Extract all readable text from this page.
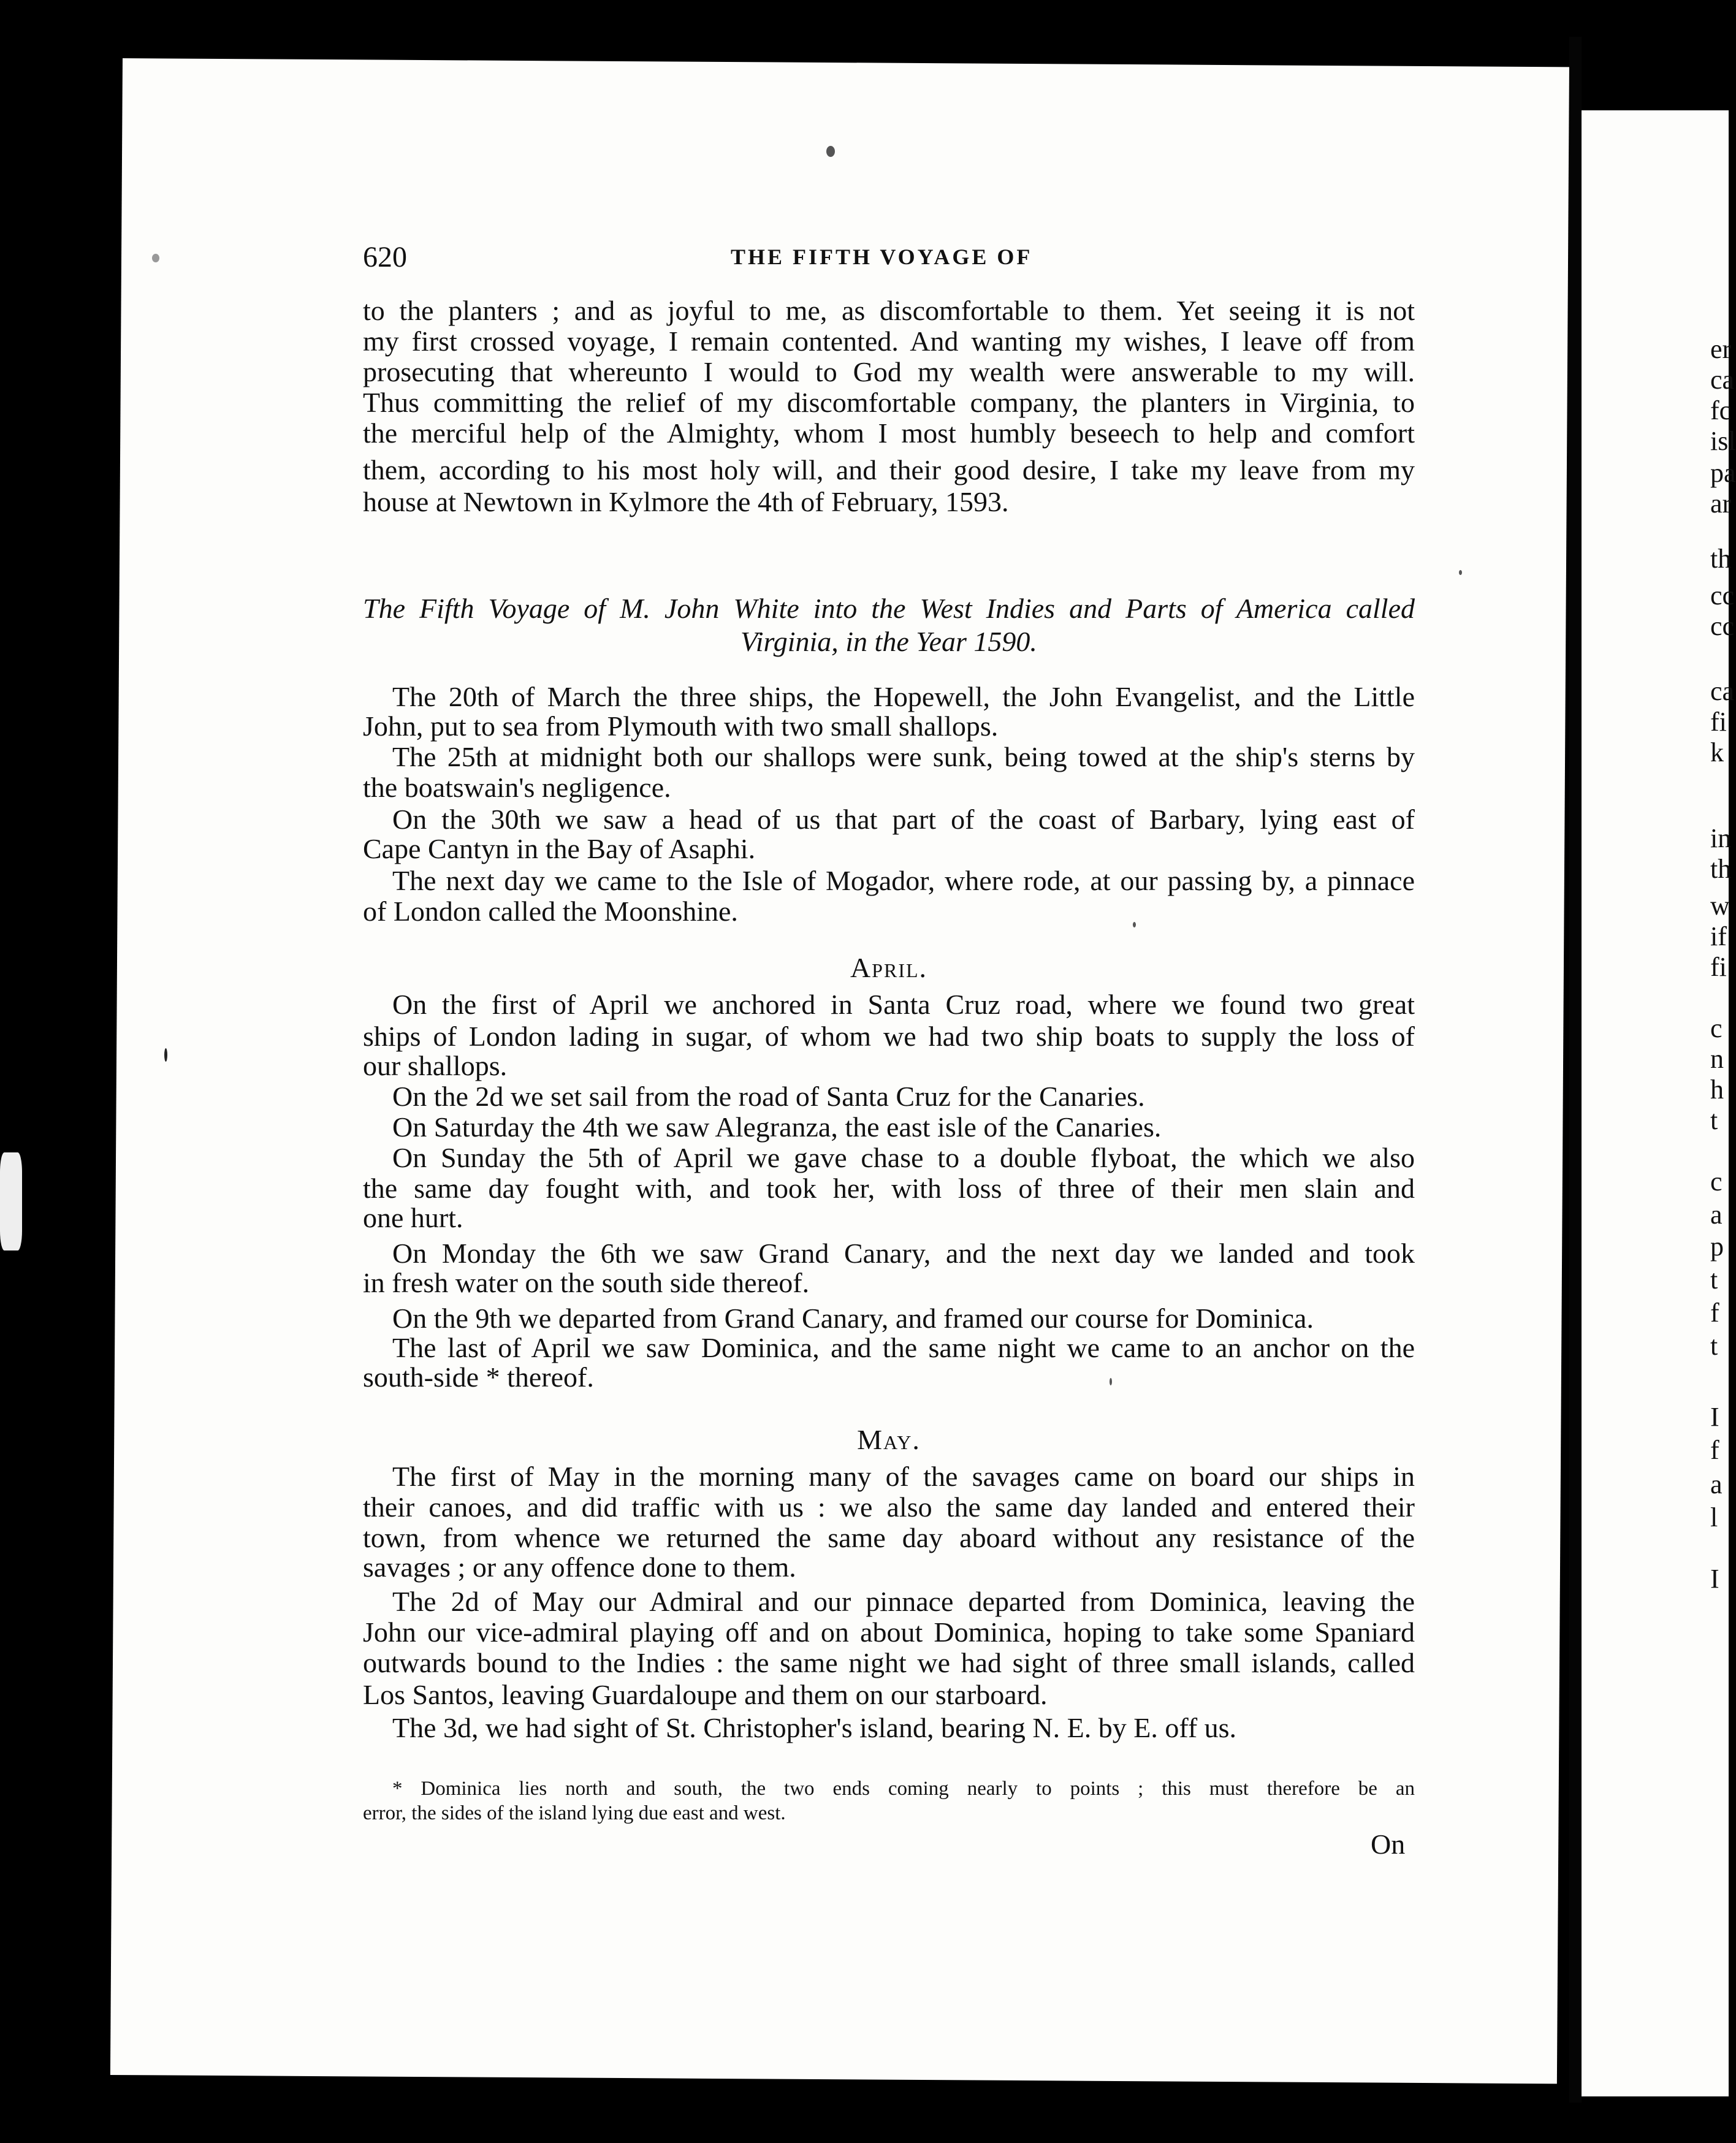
620	THE FIFTH VOYAGE OF
to the planters ; and as joyful to me, as discomfortable to them. Yet seeing it is not
my first crossed voyage, I remain contented. And wanting my wishes, I leave off from
prosecuting that whereunto I would to God my wealth were answerable to my will.
Thus committing the relief of my discomfortable company, the planters in Virginia, to
the merciful help of the Almighty, whom I most humbly beseech to help and comfort
them, according to his most holy will, and their good desire, I take my leave from my
house at Newtown in Kylmore the 4th of February, 1593.
The Fifth Voyage of M. John White into the West Indies and Parts of America called
Virginia, in the Year 1590.
The 20th of March the three ships, the Hopewell, the John Evangelist, and the Little
John, put to sea from Plymouth with two small shallops.
The 25th at midnight both our shallops were sunk, being towed at the ship's sterns by
the boatswain's negligence.
On the 30th we saw a head of us that part of the coast of Barbary, lying east of
Cape Cantyn in the Bay of Asaphi.
The next day we came to the Isle of Mogador, where rode, at our passing by, a pinnace
of London called the Moonshine.
April.
On the first of April we anchored in Santa Cruz road, where we found two great
ships of London lading in sugar, of whom we had two ship boats to supply the loss of
our shallops.
On the 2d we set sail from the road of Santa Cruz for the Canaries.
On Saturday the 4th we saw Alegranza, the east isle of the Canaries.
On Sunday the 5th of April we gave chase to a double flyboat, the which we also
the same day fought with, and took her, with loss of three of their men slain and
one hurt.
On Monday the 6th we saw Grand Canary, and the next day we landed and took
in fresh water on the south side thereof.
On the 9th we departed from Grand Canary, and framed our course for Dominica.
The last of April we saw Dominica, and the same night we came to an anchor on the
south-side * thereof.
May.
The first of May in the morning many of the savages came on board our ships in
their canoes, and did traffic with us : we also the same day landed and entered their
town, from whence we returned the same day aboard without any resistance of the
savages ; or any offence done to them.
The 2d of May our Admiral and our pinnace departed from Dominica, leaving the
John our vice-admiral playing off and on about Dominica, hoping to take some Spaniard
outwards bound to the Indies : the same night we had sight of three small islands, called
Los Santos, leaving Guardaloupe and them on our starboard.
The 3d, we had sight of St. Christopher's island, bearing N. E. by E. off us.
* Dominica lies north and south, the two ends coming nearly to points ; this must therefore be an
error, the sides of the island lying due east and west.
On
er
ca
fc
isl
pa
ar
th
cc
cc
ca
fi
k
in
th
w
if
fi
c
n
h
t
c
a
p
t
f
t
I
f
a
l
I
